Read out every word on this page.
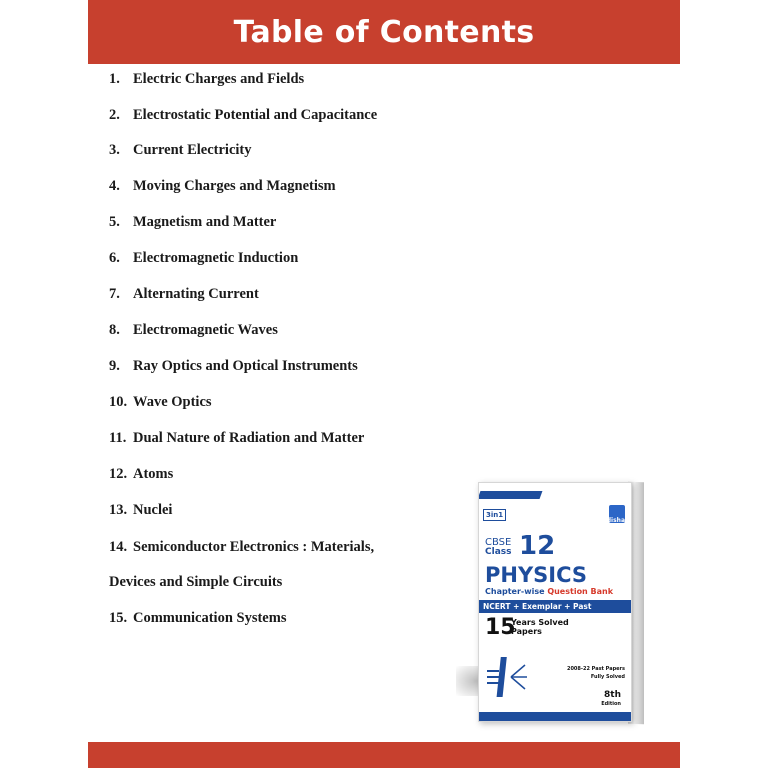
Table of Contents
1. Electric Charges and Fields
2. Electrostatic Potential and Capacitance
3. Current Electricity
4. Moving Charges and Magnetism
5. Magnetism and Matter
6. Electromagnetic Induction
7. Alternating Current
8. Electromagnetic Waves
9. Ray Optics and Optical Instruments
10. Wave Optics
11. Dual Nature of Radiation and Matter
12. Atoms
13. Nuclei
14. Semiconductor Electronics : Materials,
Devices and Simple Circuits
15. Communication Systems
3in1
disha
CBSE
Class 12
PHYSICS
Chapter-wise Question Bank
NCERT + Exemplar + Past
15
Years Solved Papers
2008-22 Past Papers Fully Solved
8th
Edition
